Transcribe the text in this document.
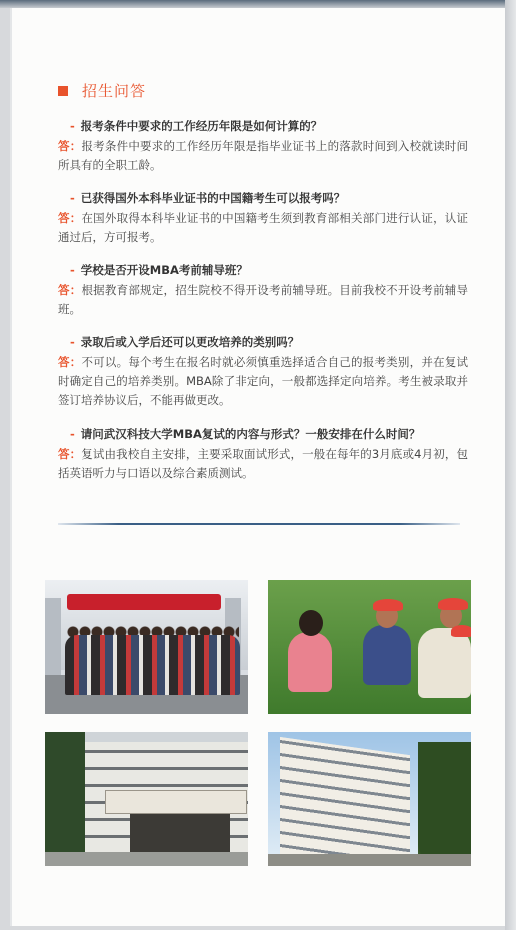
招生问答
- 报考条件中要求的工作经历年限是如何计算的？
答：报考条件中要求的工作经历年限是指毕业证书上的落款时间到入校就读时间所具有的全职工龄。
- 已获得国外本科毕业证书的中国籍考生可以报考吗？
答：在国外取得本科毕业证书的中国籍考生须到教育部相关部门进行认证，认证通过后，方可报考。
- 学校是否开设MBA考前辅导班？
答：根据教育部规定，招生院校不得开设考前辅导班。目前我校不开设考前辅导班。
- 录取后或入学后还可以更改培养的类别吗？
答：不可以。每个考生在报名时就必须慎重选择适合自己的报考类别，并在复试时确定自己的培养类别。MBA除了非定向，一般都选择定向培养。考生被录取并签订培养协议后，不能再做更改。
- 请问武汉科技大学MBA复试的内容与形式？一般安排在什么时间？
答：复试由我校自主安排，主要采取面试形式，一般在每年的3月底或4月初，包括英语听力与口语以及综合素质测试。
